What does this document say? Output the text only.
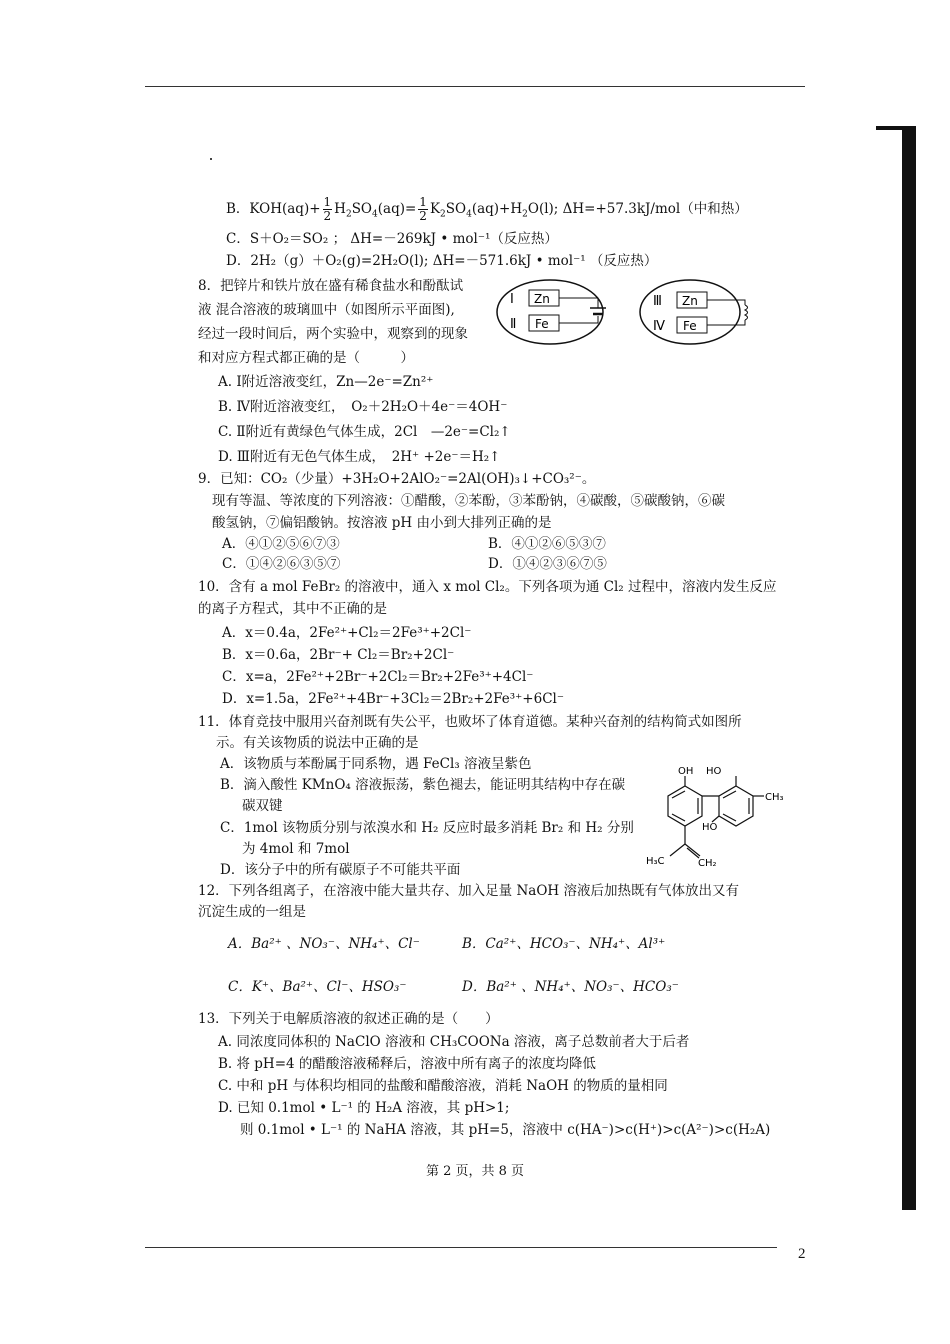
B．$KOH(aq)+ \frac{1}{2} H_2SO_4(aq)= \frac{1}{2} K_2SO_4(aq)+H_2O(l)$; ΔH=+57.3kJ/mol（中和热）
C．S＋O₂＝SO₂ ； ΔH=－269kJ • mol⁻¹（反应热）
D．2H₂（g）＋O₂(g)=2H₂O(l); ΔH=－571.6kJ • mol⁻¹ （反应热）
8．把锌片和铁片放在盛有稀食盐水和酚酞试
液 混合溶液的玻璃皿中（如图所示平面图),
经过一段时间后，两个实验中，观察到的现象
和对应方程式都正确的是（　　　）
Ⅰ Zn
Ⅱ Fe
Ⅲ Zn
Ⅳ Fe
A. Ⅰ附近溶液变红，Zn—2e⁻=Zn²⁺
B. Ⅳ附近溶液变红，　O₂＋2H₂O＋4e⁻＝4OH⁻
C. Ⅱ附近有黄绿色气体生成，2Cl　—2e⁻=Cl₂↑
D. Ⅲ附近有无色气体生成，　2H⁺ +2e⁻＝H₂↑
9．已知：CO₂（少量）+3H₂O+2AlO₂⁻=2Al(OH)₃↓+CO₃²⁻。
现有等温、等浓度的下列溶液：①醋酸，②苯酚，③苯酚钠，④碳酸，⑤碳酸钠，⑥碳
酸氢钠，⑦偏铝酸钠。按溶液 pH 由小到大排列正确的是
A．④①②⑤⑥⑦③	B．④①②⑥⑤③⑦
C．①④②⑥③⑤⑦	D．①④②③⑥⑦⑤
10．含有 a mol FeBr₂ 的溶液中，通入 x mol Cl₂。下列各项为通 Cl₂ 过程中，溶液内发生反应
的离子方程式，其中不正确的是
A．x＝0.4a，2Fe²⁺+Cl₂＝2Fe³⁺+2Cl⁻
B．x＝0.6a，2Br⁻+ Cl₂＝Br₂+2Cl⁻
C．x=a，2Fe²⁺+2Br⁻+2Cl₂＝Br₂+2Fe³⁺+4Cl⁻
D．x=1.5a，2Fe²⁺+4Br⁻+3Cl₂＝2Br₂+2Fe³⁺+6Cl⁻
11．体育竞技中服用兴奋剂既有失公平，也败坏了体育道德。某种兴奋剂的结构简式如图所
示。有关该物质的说法中正确的是
A．该物质与苯酚属于同系物，遇 FeCl₃ 溶液呈紫色
B．滴入酸性 KMnO₄ 溶液振荡，紫色褪去，能证明其结构中存在碳
碳双键
C．1mol 该物质分别与浓溴水和 H₂ 反应时最多消耗 Br₂ 和 H₂ 分别
为 4mol 和 7mol
D．该分子中的所有碳原子不可能共平面
OH HO
CH₃
HO
H₃C	CH₂
12．下列各组离子，在溶液中能大量共存、加入足量 NaOH 溶液后加热既有气体放出又有
沉淀生成的一组是
A．Ba²⁺ 、NO₃⁻、NH₄⁺、Cl⁻	B．Ca²⁺、HCO₃⁻、NH₄⁺、Al³⁺
C．K⁺、Ba²⁺、Cl⁻、HSO₃⁻	D．Ba²⁺ 、NH₄⁺、NO₃⁻、HCO₃⁻
13．下列关于电解质溶液的叙述正确的是（　　）
A. 同浓度同体积的 NaClO 溶液和 CH₃COONa 溶液，离子总数前者大于后者
B. 将 pH=4 的醋酸溶液稀释后，溶液中所有离子的浓度均降低
C. 中和 pH 与体积均相同的盐酸和醋酸溶液，消耗 NaOH 的物质的量相同
D. 已知 0.1mol • L⁻¹ 的 H₂A 溶液，其 pH>1;
则 0.1mol • L⁻¹ 的 NaHA 溶液，其 pH=5，溶液中 c(HA⁻)>c(H⁺)>c(A²⁻)>c(H₂A)
第 2 页，共 8 页
2
